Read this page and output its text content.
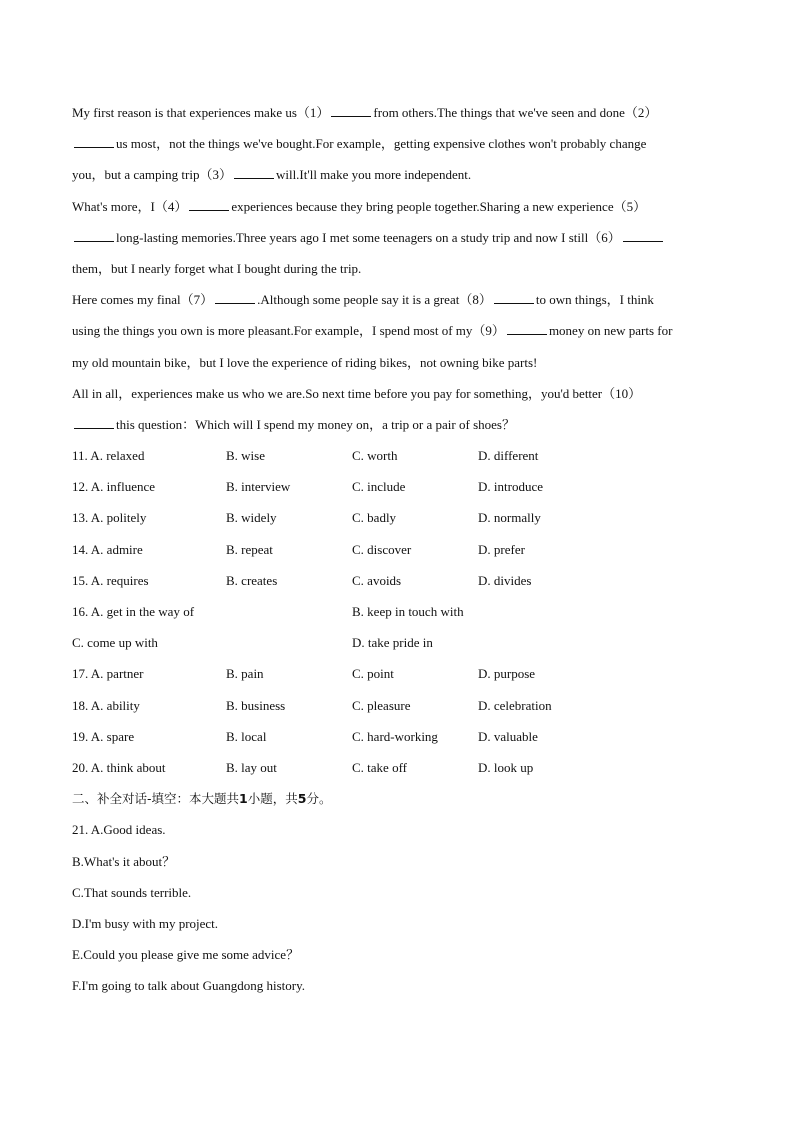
My first reason is that experiences make us（1）	from others.The things that we've seen and done（2）
us most，not the things we've bought.For example，getting expensive clothes won't probably change
you，but a camping trip（3）	will.It'll make you more independent.
What's more，I（4）	experiences because they bring people together.Sharing a new experience（5）
long-lasting memories.Three years ago I met some teenagers on a study trip and now I still（6）
them，but I nearly forget what I bought during the trip.
Here comes my final（7）	.Although some people say it is a great（8）	to own things，I think
using the things you own is more pleasant.For example，I spend most of my（9）	money on new parts for
my old mountain bike，but I love the experience of riding bikes，not owning bike parts!
All in all，experiences make us who we are.So next time before you pay for something，you'd better（10）
this question：Which will I spend my money on，a trip or a pair of shoes？
11. A. relaxed	B. wise	C. worth	D. different
12. A. influence	B. interview	C. include	D. introduce
13. A. politely	B. widely	C. badly	D. normally
14. A. admire	B. repeat	C. discover	D. prefer
15. A. requires	B. creates	C. avoids	D. divides
16. A. get in the way of	B. keep in touch with
C. come up with	D. take pride in
17. A. partner	B. pain	C. point	D. purpose
18. A. ability	B. business	C. pleasure	D. celebration
19. A. spare	B. local	C. hard-working	D. valuable
20. A. think about	B. lay out	C. take off	D. look up
二、补全对话-填空：本大题共1小题，共5分。
21. A.Good ideas.
B.What's it about？
C.That sounds terrible.
D.I'm busy with my project.
E.Could you please give me some advice？
F.I'm going to talk about Guangdong history.
